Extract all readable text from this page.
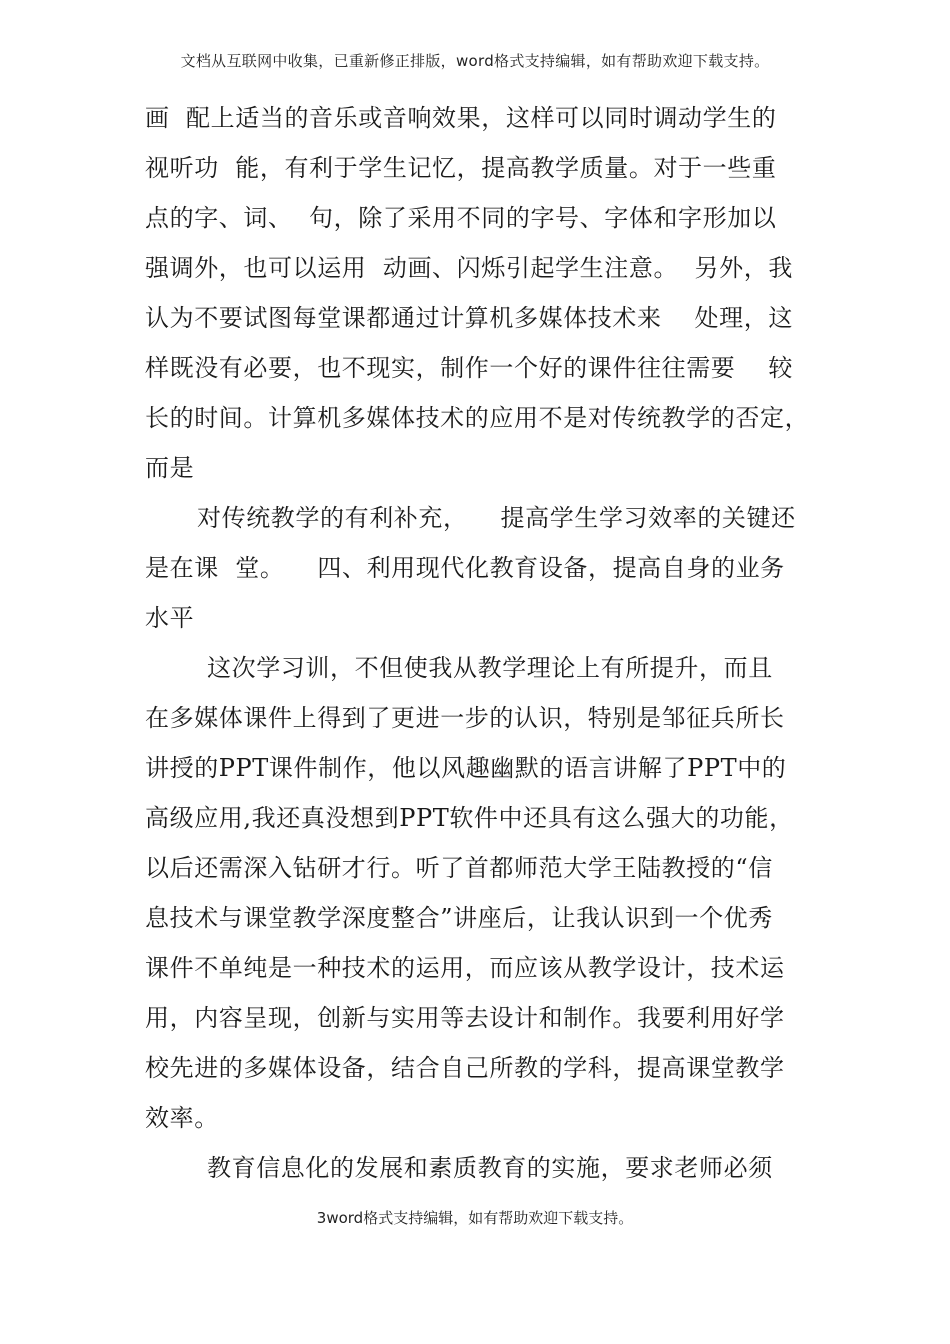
文档从互联网中收集，已重新修正排版，word格式支持编辑，如有帮助欢迎下载支持。
画  配上适当的音乐或音响效果，这样可以同时调动学生的
视听功  能，有利于学生记忆，提高教学质量。对于一些重
点的字、词、  句，除了采用不同的字号、字体和字形加以
强调外，也可以运用  动画、闪烁引起学生注意。  另外，我
认为不要试图每堂课都通过计算机多媒体技术来    处理，这
样既没有必要，也不现实，制作一个好的课件往往需要    较
长的时间。计算机多媒体技术的应用不是对传统教学的否定，
而是
对传统教学的有利补充，    提高学生学习效率的关键还
是在课  堂。    四、利用现代化教育设备，提高自身的业务
水平
这次学习训，不但使我从教学理论上有所提升，而且
在多媒体课件上得到了更进一步的认识，特别是邹征兵所长
讲授的PPT课件制作，他以风趣幽默的语言讲解了PPT中的
高级应用,我还真没想到PPT软件中还具有这么强大的功能，
以后还需深入钻研才行。听了首都师范大学王陆教授的“信
息技术与课堂教学深度整合”讲座后，让我认识到一个优秀
课件不单纯是一种技术的运用，而应该从教学设计，技术运
用，内容呈现，创新与实用等去设计和制作。我要利用好学
校先进的多媒体设备，结合自己所教的学科，提高课堂教学
效率。
教育信息化的发展和素质教育的实施，要求老师必须
3word格式支持编辑，如有帮助欢迎下载支持。
